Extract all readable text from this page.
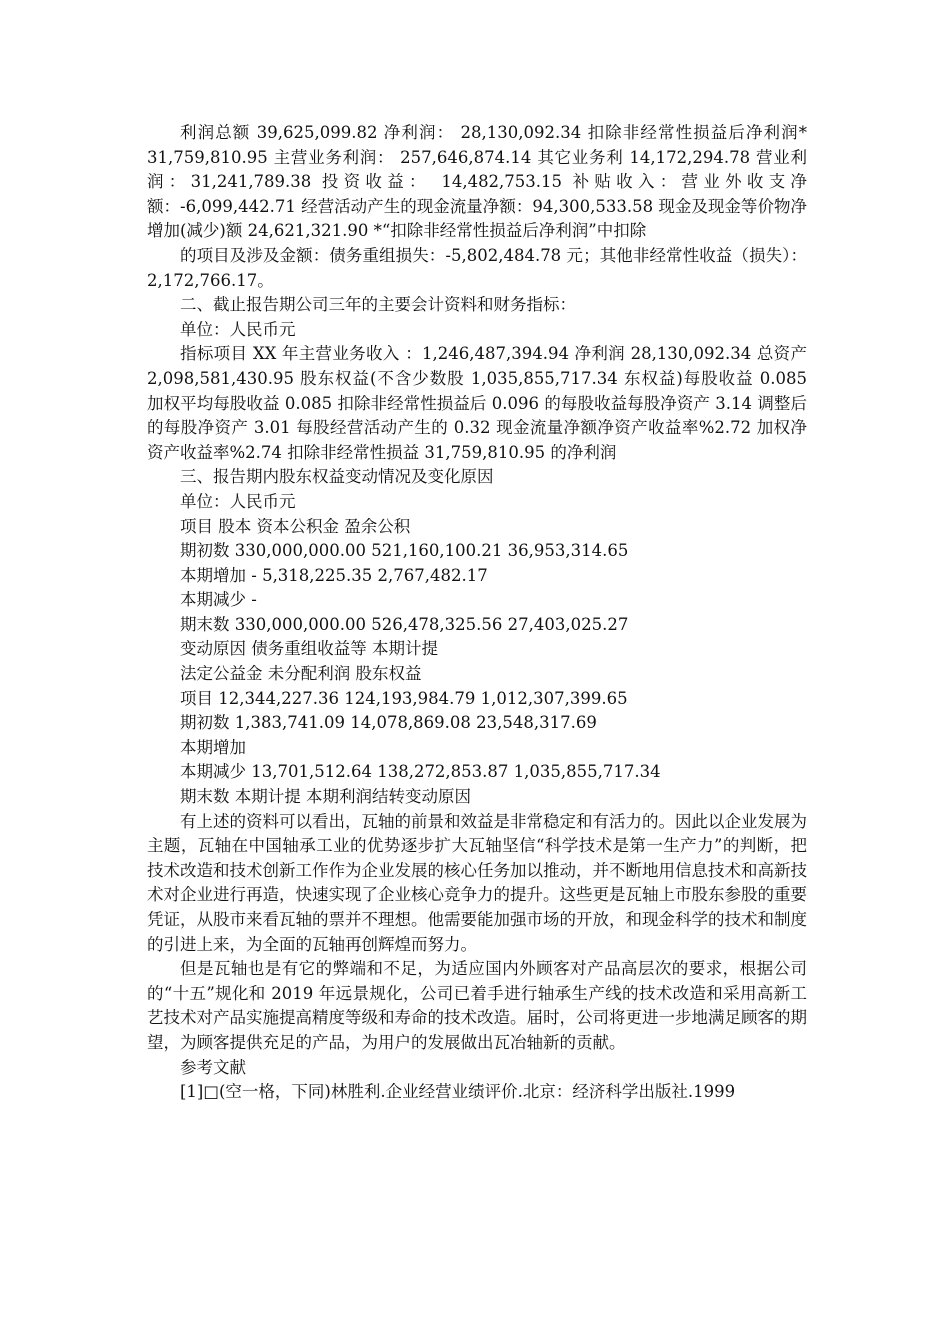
利润总额 39,625,099.82 净利润： 28,130,092.34 扣除非经常性损益后净利润* 31,759,810.95 主营业务利润： 257,646,874.14 其它业务利 14,172,294.78 营业利润：31,241,789.38 投资收益： 14,482,753.15 补贴收入：营业外收支净额：-6,099,442.71 经营活动产生的现金流量净额：94,300,533.58 现金及现金等价物净增加(减少)额 24,621,321.90 *“扣除非经常性损益后净利润”中扣除

的项目及涉及金额：债务重组损失：-5,802,484.78 元；其他非经常性收益（损失）：2,172,766.17。

二、截止报告期公司三年的主要会计资料和财务指标：

单位：人民币元

指标项目 XX 年主营业务收入 ：1,246,487,394.94 净利润 28,130,092.34 总资产 2,098,581,430.95 股东权益(不含少数股 1,035,855,717.34 东权益)每股收益 0.085 加权平均每股收益 0.085 扣除非经常性损益后 0.096 的每股收益每股净资产 3.14 调整后的每股净资产 3.01 每股经营活动产生的 0.32 现金流量净额净资产收益率%2.72 加权净资产收益率%2.74 扣除非经常性损益 31,759,810.95 的净利润

三、报告期内股东权益变动情况及变化原因

单位：人民币元

项目 股本 资本公积金 盈余公积

期初数 330,000,000.00 521,160,100.21 36,953,314.65

本期增加 - 5,318,225.35 2,767,482.17

本期减少 -

期末数 330,000,000.00 526,478,325.56 27,403,025.27

变动原因 债务重组收益等 本期计提

法定公益金 未分配利润 股东权益

项目 12,344,227.36 124,193,984.79 1,012,307,399.65

期初数 1,383,741.09 14,078,869.08 23,548,317.69

本期增加

本期减少 13,701,512.64 138,272,853.87 1,035,855,717.34

期末数 本期计提 本期利润结转变动原因

有上述的资料可以看出，瓦轴的前景和效益是非常稳定和有活力的。因此以企业发展为主题，瓦轴在中国轴承工业的优势逐步扩大瓦轴坚信“科学技术是第一生产力”的判断，把技术改造和技术创新工作作为企业发展的核心任务加以推动，并不断地用信息技术和高新技术对企业进行再造，快速实现了企业核心竞争力的提升。这些更是瓦轴上市股东参股的重要凭证，从股市来看瓦轴的票并不理想。他需要能加强市场的开放，和现金科学的技术和制度的引进上来，为全面的瓦轴再创辉煌而努力。

但是瓦轴也是有它的弊端和不足，为适应国内外顾客对产品高层次的要求，根据公司的“十五”规化和 2019 年远景规化，公司已着手进行轴承生产线的技术改造和采用高新工艺技术对产品实施提高精度等级和寿命的技术改造。届时，公司将更进一步地满足顾客的期望，为顾客提供充足的产品，为用户的发展做出瓦冶轴新的贡献。

参考文献

[1]□(空一格，下同)林胜利.企业经营业绩评价.北京：经济科学出版社.1999
